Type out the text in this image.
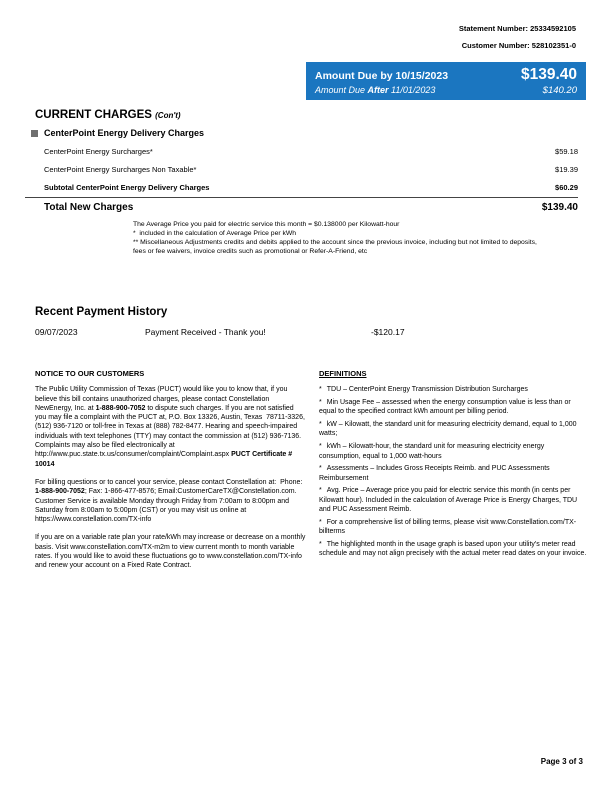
Statement Number: 25334592105
Customer Number: 528102351-0
Amount Due by 10/15/2023	$139.40
Amount Due After 11/01/2023	$140.20
CURRENT CHARGES (Con't)
CenterPoint Energy Delivery Charges
CenterPoint Energy Surcharges*	$59.18
CenterPoint Energy Surcharges Non Taxable*	$19.39
Subtotal CenterPoint Energy Delivery Charges	$60.29
Total New Charges	$139.40
The Average Price you paid for electric service this month = $0.138000 per Kilowatt-hour
*  included in the calculation of Average Price per kWh
** Miscellaneous Adjustments credits and debits applied to the account since the previous invoice, including but not limited to deposits, fees or fee waivers, invoice credits such as promotional or Refer-A-Friend, etc
Recent Payment History
09/07/2023	Payment Received - Thank you!	-$120.17
NOTICE TO OUR CUSTOMERS

The Public Utility Commission of Texas (PUCT) would like you to know that, if you believe this bill contains unauthorized charges, please contact Constellation NewEnergy, Inc. at 1-888-900-7052 to dispute such charges. If you are not satisfied you may file a complaint with the PUCT at, P.O. Box 13326, Austin, Texas  78711-3326, (512) 936-7120 or toll-free in Texas at (888) 782-8477. Hearing and speech-impaired individuals with text telephones (TTY) may contact the commission at (512) 936-7136. Complaints may also be filed electronically at http://www.puc.state.tx.us/consumer/complaint/Complaint.aspx PUCT Certificate # 10014

For billing questions or to cancel your service, please contact Constellation at:  Phone: 1-888-900-7052; Fax: 1-866-477-8576; Email:CustomerCareTX@Constellation.com.  Customer Service is available Monday through Friday from 7:00am to 8:00pm and Saturday from 8:00am to 5:00pm (CST) or you may visit us online at https://www.constellation.com/TX-info

If you are on a variable rate plan your rate/kWh may increase or decrease on a monthly basis. Visit www.constellation.com/TX-m2m to view current month to month variable rates. If you would like to avoid these fluctuations go to www.constellation.com/TX-info and renew your account on a Fixed Rate Contract.

DEFINITIONS
* TDU – CenterPoint Energy Transmission Distribution Surcharges
* Min Usage Fee – assessed when the energy consumption value is less than or equal to the specified contract kWh amount per billing period.
* kW – Kilowatt, the standard unit for measuring electricity demand, equal to 1,000 watts;
* kWh – Kilowatt-hour, the standard unit for measuring electricity energy consumption, equal to 1,000 watt-hours
* Assessments – Includes Gross Receipts Reimb. and PUC Assessments Reimbursement
* Avg. Price – Average price you paid for electric service this month (in cents per Kilowatt hour). Included in the calculation of Average Price is Energy Charges, TDU and PUC Assessment Reimb.
* For a comprehensive list of billing terms, please visit www.Constellation.com/TX-billterms
* The highlighted month in the usage graph is based upon your utility's meter read schedule and may not align precisely with the actual meter read dates on your invoice.
Page 3 of 3
